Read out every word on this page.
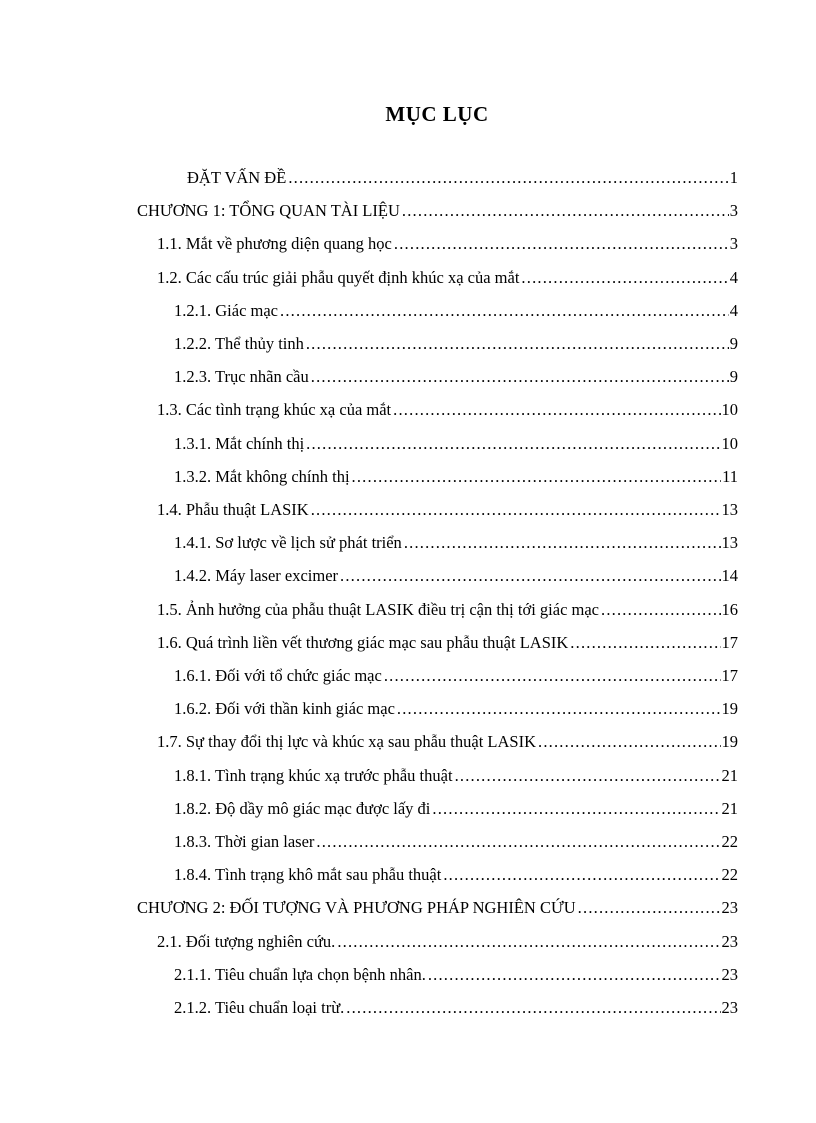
MỤC LỤC
ĐẶT VẤN ĐỀ .....	1
CHƯƠNG 1: TỔNG QUAN TÀI LIỆU .....	3
1.1. Mắt về phương diện quang học .....	3
1.2. Các cấu trúc giải phẫu quyết định khúc xạ của mắt .....	4
1.2.1. Giác mạc .....	4
1.2.2. Thể thủy tinh .....	9
1.2.3. Trục nhãn cầu .....	9
1.3. Các tình trạng khúc xạ của mắt .....	10
1.3.1. Mắt chính thị .....	10
1.3.2. Mắt không chính thị .....	11
1.4. Phẫu thuật LASIK .....	13
1.4.1. Sơ lược về lịch sử phát triển .....	13
1.4.2. Máy laser excimer .....	14
1.5. Ảnh hưởng của phẫu thuật LASIK điều trị cận thị tới giác mạc .....	16
1.6. Quá trình liền vết thương giác mạc sau phẫu thuật LASIK .....	17
1.6.1. Đối với tổ chức giác mạc .....	17
1.6.2. Đối với thần kinh giác mạc .....	19
1.7. Sự thay đổi thị lực và khúc xạ sau phẫu thuật LASIK .....	19
1.8.1. Tình trạng khúc xạ trước phẫu thuật .....	21
1.8.2. Độ dầy mô giác mạc được lấy đi .....	21
1.8.3. Thời gian laser .....	22
1.8.4. Tình trạng khô mắt sau phẫu thuật .....	22
CHƯƠNG 2: ĐỐI TƯỢNG VÀ PHƯƠNG PHÁP NGHIÊN CỨU .....	23
2.1. Đối tượng nghiên cứu. .....	23
2.1.1. Tiêu chuẩn lựa chọn bệnh nhân. .....	23
2.1.2. Tiêu chuẩn loại trừ. .....	23
